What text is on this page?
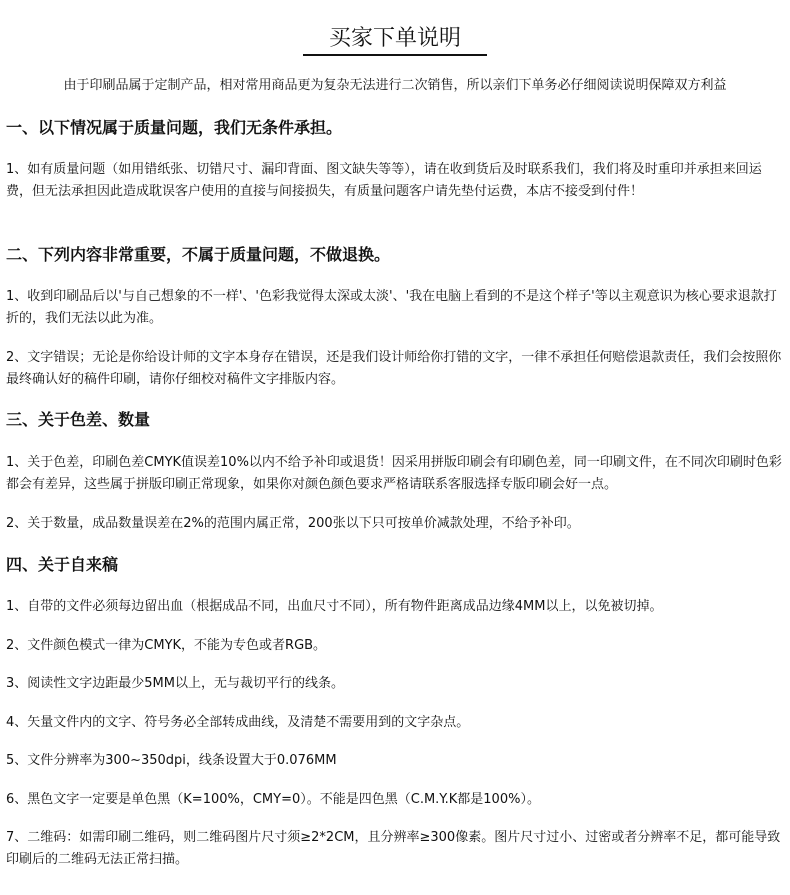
买家下单说明
由于印刷品属于定制产品，相对常用商品更为复杂无法进行二次销售，所以亲们下单务必仔细阅读说明保障双方利益
一、以下情况属于质量问题，我们无条件承担。
1、如有质量问题（如用错纸张、切错尺寸、漏印背面、图文缺失等等），请在收到货后及时联系我们，我们将及时重印并承担来回运费，但无法承担因此造成耽误客户使用的直接与间接损失，有质量问题客户请先垫付运费，本店不接受到付件！
二、下列内容非常重要，不属于质量问题，不做退换。
1、收到印刷品后以'与自己想象的不一样'、'色彩我觉得太深或太淡'、'我在电脑上看到的不是这个样子'等以主观意识为核心要求退款打折的，我们无法以此为准。
2、文字错误；无论是你给设计师的文字本身存在错误，还是我们设计师给你打错的文字，一律不承担任何赔偿退款责任，我们会按照你最终确认好的稿件印刷，请你仔细校对稿件文字排版内容。
三、关于色差、数量
1、关于色差，印刷色差CMYK值误差10%以内不给予补印或退货！因采用拼版印刷会有印刷色差，同一印刷文件，在不同次印刷时色彩都会有差异，这些属于拼版印刷正常现象，如果你对颜色颜色要求严格请联系客服选择专版印刷会好一点。
2、关于数量，成品数量误差在2%的范围内属正常，200张以下只可按单价减款处理，不给予补印。
四、关于自来稿
1、自带的文件必须每边留出血（根据成品不同，出血尺寸不同），所有物件距离成品边缘4MM以上，以免被切掉。
2、文件颜色模式一律为CMYK，不能为专色或者RGB。
3、阅读性文字边距最少5MM以上，无与裁切平行的线条。
4、矢量文件内的文字、符号务必全部转成曲线，及清楚不需要用到的文字杂点。
5、文件分辨率为300~350dpi，线条设置大于0.076MM
6、黑色文字一定要是单色黑（K=100%，CMY=0）。不能是四色黑（C.M.Y.K都是100%）。
7、二维码：如需印刷二维码，则二维码图片尺寸须≥2*2CM，且分辨率≥300像素。图片尺寸过小、过密或者分辨率不足，都可能导致印刷后的二维码无法正常扫描。
